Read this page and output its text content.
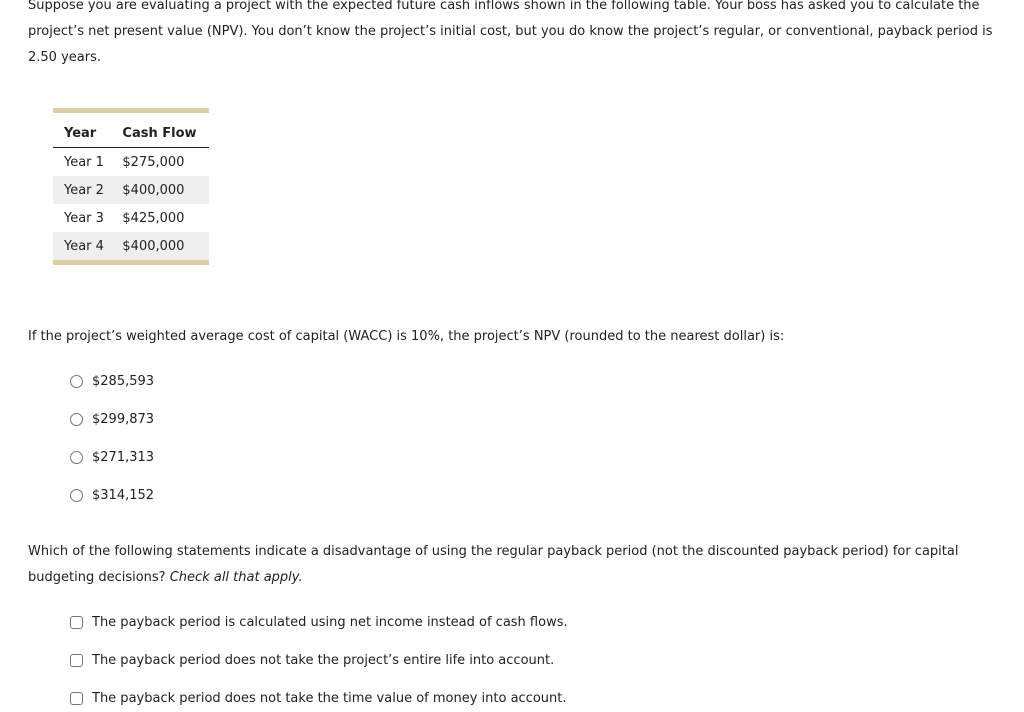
Suppose you are evaluating a project with the expected future cash inflows shown in the following table. Your boss has asked you to calculate the project’s net present value (NPV). You don’t know the project’s initial cost, but you do know the project’s regular, or conventional, payback period is 2.50 years.
Year	Cash Flow
Year 1	$275,000
Year 2	$400,000
Year 3	$425,000
Year 4	$400,000
If the project’s weighted average cost of capital (WACC) is 10%, the project’s NPV (rounded to the nearest dollar) is:
$285,593
$299,873
$271,313
$314,152
Which of the following statements indicate a disadvantage of using the regular payback period (not the discounted payback period) for capital budgeting decisions? Check all that apply.
The payback period is calculated using net income instead of cash flows.
The payback period does not take the project’s entire life into account.
The payback period does not take the time value of money into account.
